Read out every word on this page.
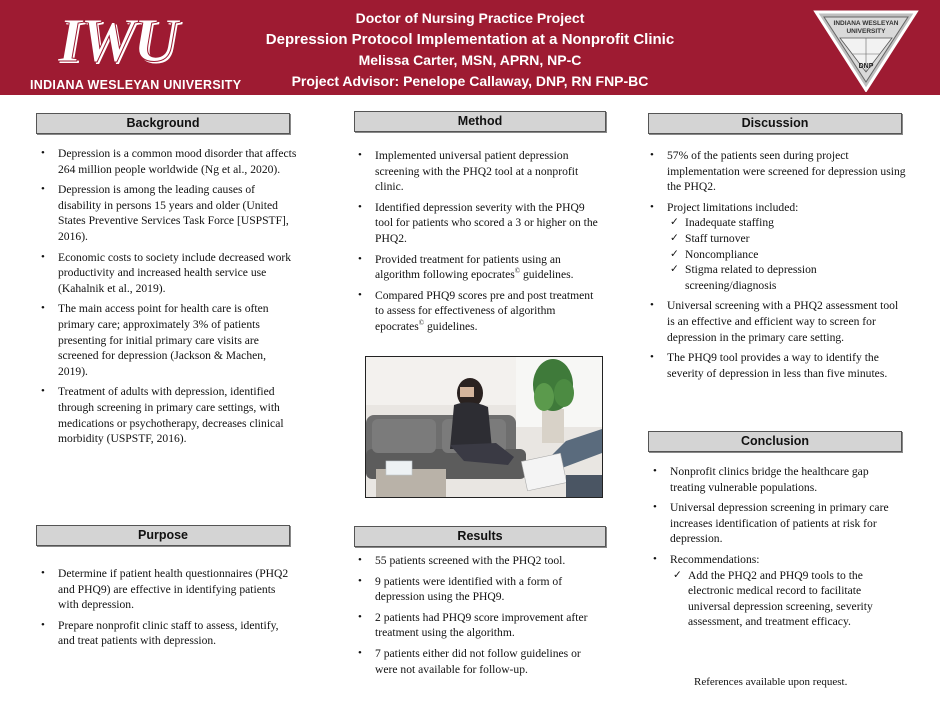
IWU
INDIANA WESLEYAN UNIVERSITY
Doctor of Nursing Practice Project
Depression Protocol Implementation at a Nonprofit Clinic
Melissa Carter, MSN, APRN, NP-C
Project Advisor: Penelope Callaway, DNP, RN FNP-BC
INDIANA WESLEYAN
UNIVERSITY
DNP
Background
• Depression is a common mood disorder that affects 264 million people worldwide (Ng et al., 2020).
• Depression is among the leading causes of disability in persons 15 years and older (United States Preventive Services Task Force [USPSTF], 2016).
• Economic costs to society include decreased work productivity and increased health service use (Kahalnik et al., 2019).
• The main access point for health care is often primary care; approximately 3% of patients presenting for initial primary care visits are screened for depression (Jackson & Machen, 2019).
• Treatment of adults with depression, identified through screening in primary care settings, with medications or psychotherapy, decreases clinical morbidity (USPSTF, 2016).
Purpose
• Determine if patient health questionnaires (PHQ2 and PHQ9) are effective in identifying patients with depression.
• Prepare nonprofit clinic staff to assess, identify, and treat patients with depression.
Method
• Implemented universal patient depression screening with the PHQ2 tool at a nonprofit clinic.
• Identified depression severity with the PHQ9 tool for patients who scored a 3 or higher on the PHQ2.
• Provided treatment for patients using an algorithm following epocrates© guidelines.
• Compared PHQ9 scores pre and post treatment to assess for effectiveness of algorithm epocrates© guidelines.
Results
• 55 patients screened with the PHQ2 tool.
• 9 patients were identified with a form of depression using the PHQ9.
• 2 patients had PHQ9 score improvement after treatment using the algorithm.
• 7 patients either did not follow guidelines or were not available for follow-up.
Discussion
• 57% of the patients seen during project implementation were screened for depression using the PHQ2.
• Project limitations included:
✓ Inadequate staffing
✓ Staff turnover
✓ Noncompliance
✓ Stigma related to depression screening/diagnosis
• Universal screening with a PHQ2 assessment tool is an effective and efficient way to screen for depression in the primary care setting.
• The PHQ9 tool provides a way to identify the severity of depression in less than five minutes.
Conclusion
• Nonprofit clinics bridge the healthcare gap treating vulnerable populations.
• Universal depression screening in primary care increases identification of patients at risk for depression.
• Recommendations:
✓ Add the PHQ2 and PHQ9 tools to the electronic medical record to facilitate universal depression screening, severity assessment, and treatment efficacy.
References available upon request.
